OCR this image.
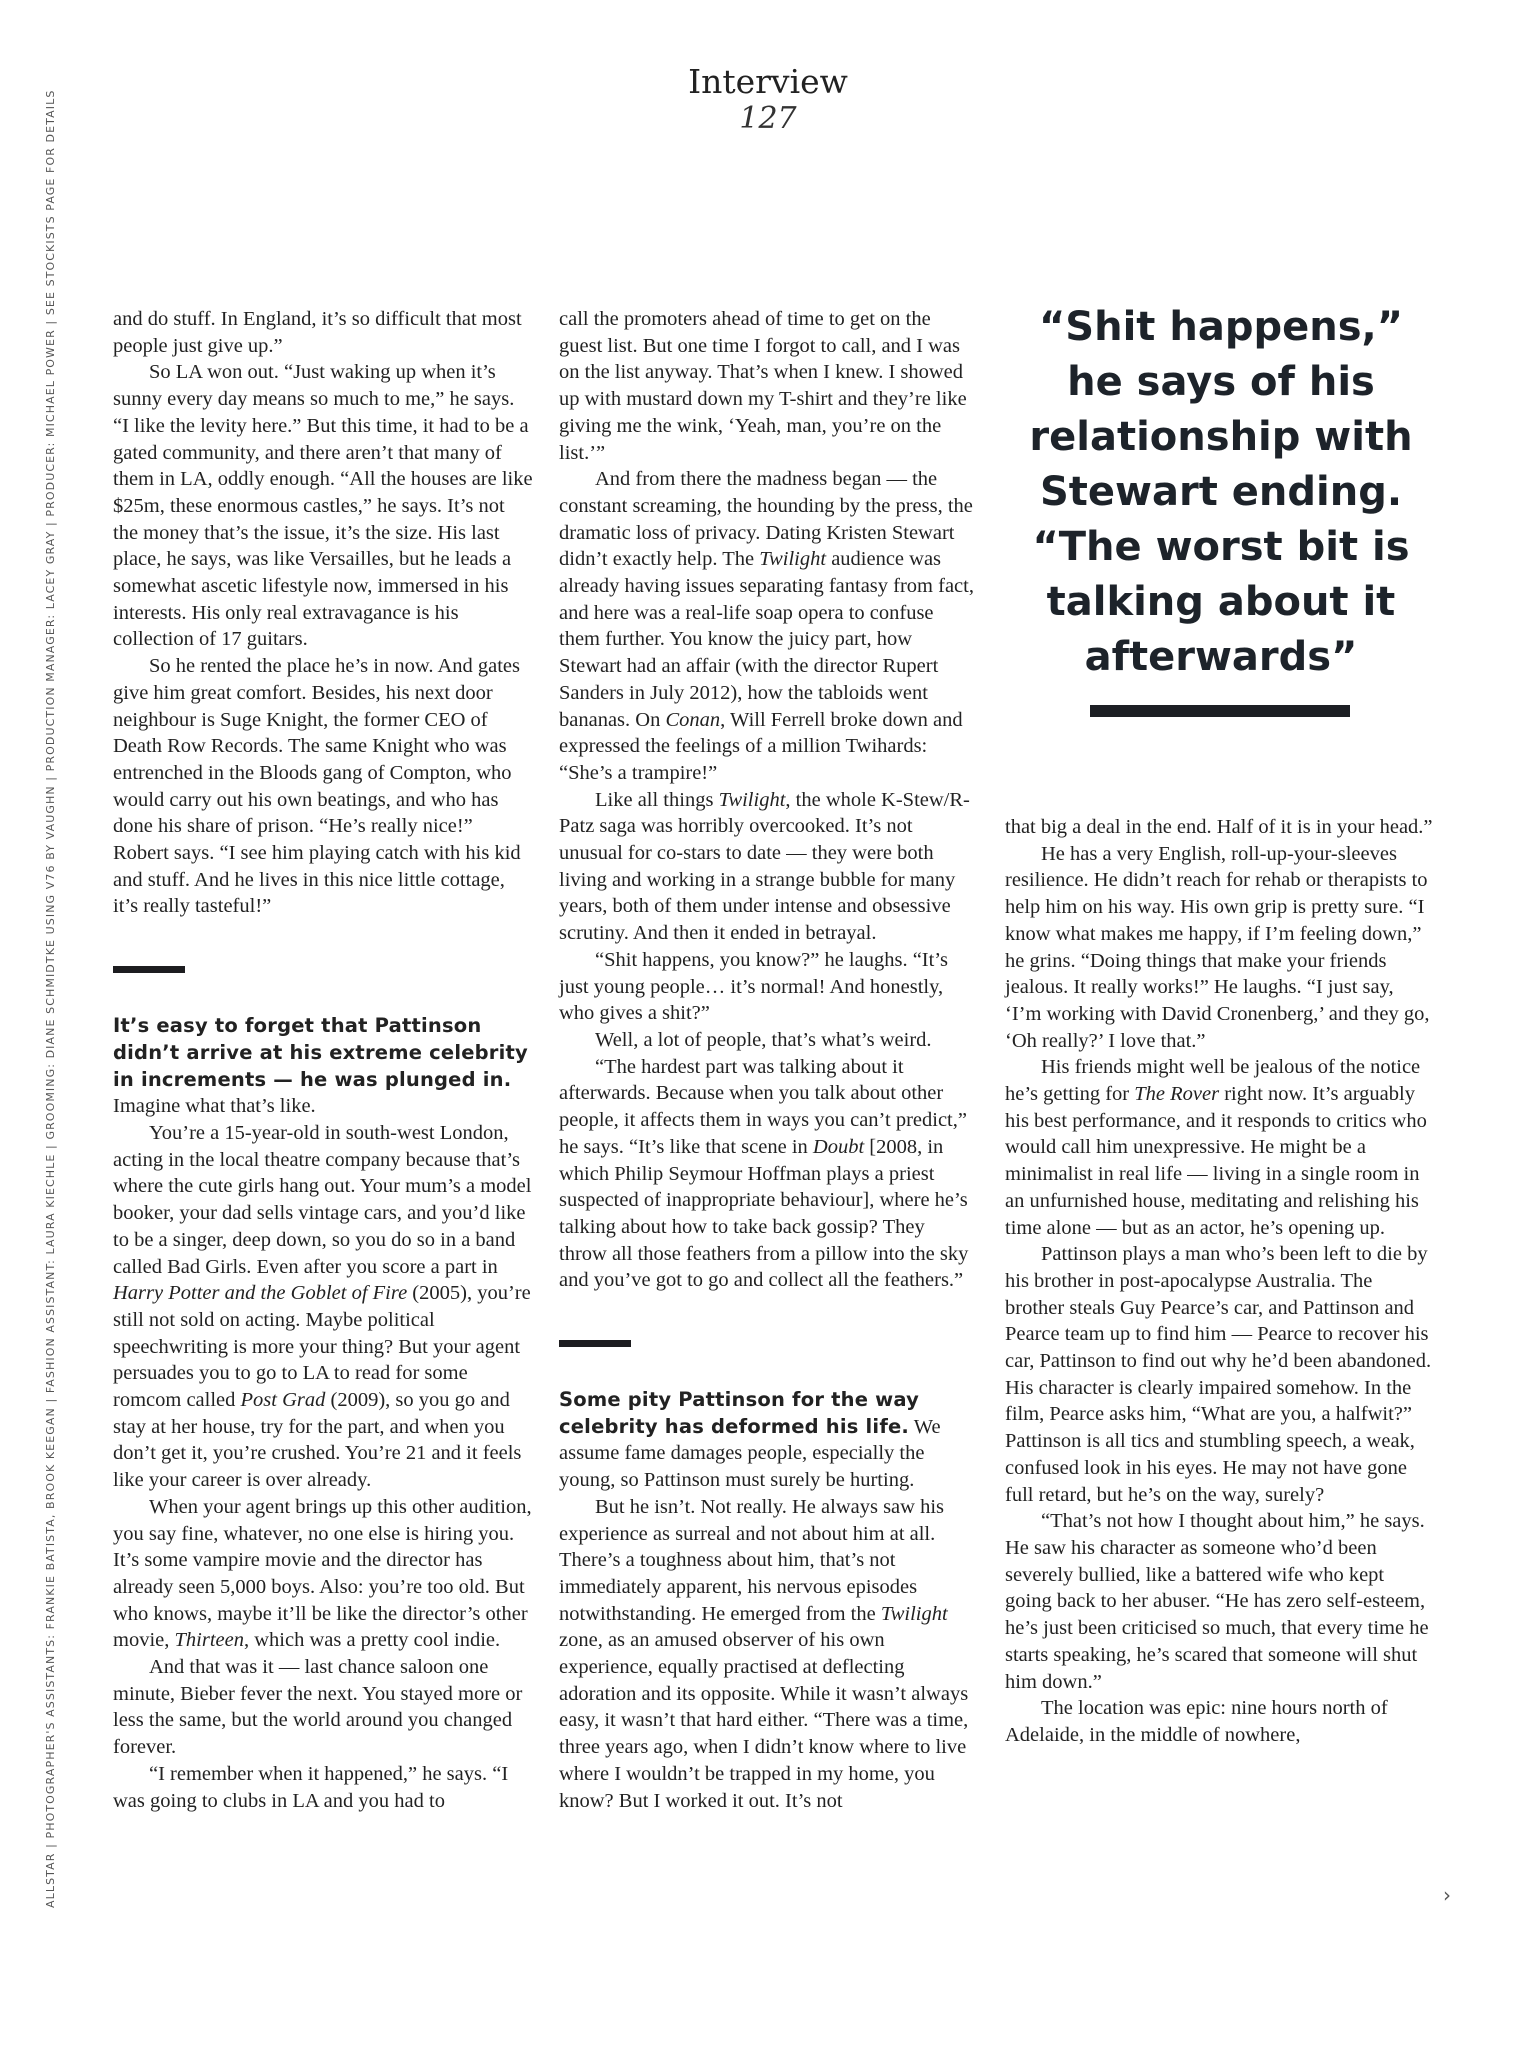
Interview
127
ALLSTAR | PHOTOGRAPHER'S ASSISTANTS: FRANKIE BATISTA, BROOK KEEGAN | FASHION ASSISTANT: LAURA KIECHLE | GROOMING: DIANE SCHMIDTKE USING V76 BY VAUGHN | PRODUCTION MANAGER: LACEY GRAY | PRODUCER: MICHAEL POWER | SEE STOCKISTS PAGE FOR DETAILS	and do stuff. In England, it’s so difficult that most people just give up.”

So LA won out. “Just waking up when it’s sunny every day means so much to me,” he says. “I like the levity here.” But this time, it had to be a gated community, and there aren’t that many of them in LA, oddly enough. “All the houses are like $25m, these enormous castles,” he says. It’s not the money that’s the issue, it’s the size. His last place, he says, was like Versailles, but he leads a somewhat ascetic lifestyle now, immersed in his interests. His only real extravagance is his collection of 17 guitars.

So he rented the place he’s in now. And gates give him great comfort. Besides, his next door neighbour is Suge Knight, the former CEO of Death Row Records. The same Knight who was entrenched in the Bloods gang of Compton, who would carry out his own beatings, and who has done his share of prison. “He’s really nice!” Robert says. “I see him playing catch with his kid and stuff. And he lives in this nice little cottage, it’s really tasteful!”

It’s easy to forget that Pattinson didn’t arrive at his extreme celebrity in increments — he was plunged in.

Imagine what that’s like.

You’re a 15-year-old in south-west London, acting in the local theatre company because that’s where the cute girls hang out. Your mum’s a model booker, your dad sells vintage cars, and you’d like to be a singer, deep down, so you do so in a band called Bad Girls. Even after you score a part in Harry Potter and the Goblet of Fire (2005), you’re still not sold on acting. Maybe political speechwriting is more your thing? But your agent persuades you to go to LA to read for some romcom called Post Grad (2009), so you go and stay at her house, try for the part, and when you don’t get it, you’re crushed. You’re 21 and it feels like your career is over already.

When your agent brings up this other audition, you say fine, whatever, no one else is hiring you. It’s some vampire movie and the director has already seen 5,000 boys. Also: you’re too old. But who knows, maybe it’ll be like the director’s other movie, Thirteen, which was a pretty cool indie.

And that was it — last chance saloon one minute, Bieber fever the next. You stayed more or less the same, but the world around you changed forever.

“I remember when it happened,” he says. “I was going to clubs in LA and you had to

call the promoters ahead of time to get on the guest list. But one time I forgot to call, and I was on the list anyway. That’s when I knew. I showed up with mustard down my T-shirt and they’re like giving me the wink, ‘Yeah, man, you’re on the list.’”

And from there the madness began — the constant screaming, the hounding by the press, the dramatic loss of privacy. Dating Kristen Stewart didn’t exactly help. The Twilight audience was already having issues separating fantasy from fact, and here was a real-life soap opera to confuse them further. You know the juicy part, how Stewart had an affair (with the director Rupert Sanders in July 2012), how the tabloids went bananas. On Conan, Will Ferrell broke down and expressed the feelings of a million Twihards: “She’s a trampire!”

Like all things Twilight, the whole K-Stew/R-Patz saga was horribly overcooked. It’s not unusual for co-stars to date — they were both living and working in a strange bubble for many years, both of them under intense and obsessive scrutiny. And then it ended in betrayal.

“Shit happens, you know?” he laughs. “It’s just young people… it’s normal! And honestly, who gives a shit?”

Well, a lot of people, that’s what’s weird.

“The hardest part was talking about it afterwards. Because when you talk about other people, it affects them in ways you can’t predict,” he says. “It’s like that scene in Doubt [2008, in which Philip Seymour Hoffman plays a priest suspected of inappropriate behaviour], where he’s talking about how to take back gossip? They throw all those feathers from a pillow into the sky and you’ve got to go and collect all the feathers.”

Some pity Pattinson for the way celebrity has deformed his life. We assume fame damages people, especially the young, so Pattinson must surely be hurting.

But he isn’t. Not really. He always saw his experience as surreal and not about him at all. There’s a toughness about him, that’s not immediately apparent, his nervous episodes notwithstanding. He emerged from the Twilight zone, as an amused observer of his own experience, equally practised at deflecting adoration and its opposite. While it wasn’t always easy, it wasn’t that hard either. “There was a time, three years ago, when I didn’t know where to live where I wouldn’t be trapped in my home, you know? But I worked it out. It’s not

“Shit happens,” he says of his relationship with Stewart ending. “The worst bit is talking about it afterwards”

that big a deal in the end. Half of it is in your head.”

He has a very English, roll-up-your-sleeves resilience. He didn’t reach for rehab or therapists to help him on his way. His own grip is pretty sure. “I know what makes me happy, if I’m feeling down,” he grins. “Doing things that make your friends jealous. It really works!” He laughs. “I just say, ‘I’m working with David Cronenberg,’ and they go, ‘Oh really?’ I love that.”

His friends might well be jealous of the notice he’s getting for The Rover right now. It’s arguably his best performance, and it responds to critics who would call him unexpressive. He might be a minimalist in real life — living in a single room in an unfurnished house, meditating and relishing his time alone — but as an actor, he’s opening up.

Pattinson plays a man who’s been left to die by his brother in post-apocalypse Australia. The brother steals Guy Pearce’s car, and Pattinson and Pearce team up to find him — Pearce to recover his car, Pattinson to find out why he’d been abandoned. His character is clearly impaired somehow. In the film, Pearce asks him, “What are you, a halfwit?” Pattinson is all tics and stumbling speech, a weak, confused look in his eyes. He may not have gone full retard, but he’s on the way, surely?

“That’s not how I thought about him,” he says. He saw his character as someone who’d been severely bullied, like a battered wife who kept going back to her abuser. “He has zero self-esteem, he’s just been criticised so much, that every time he starts speaking, he’s scared that someone will shut him down.”

The location was epic: nine hours north of Adelaide, in the middle of nowhere,

›
